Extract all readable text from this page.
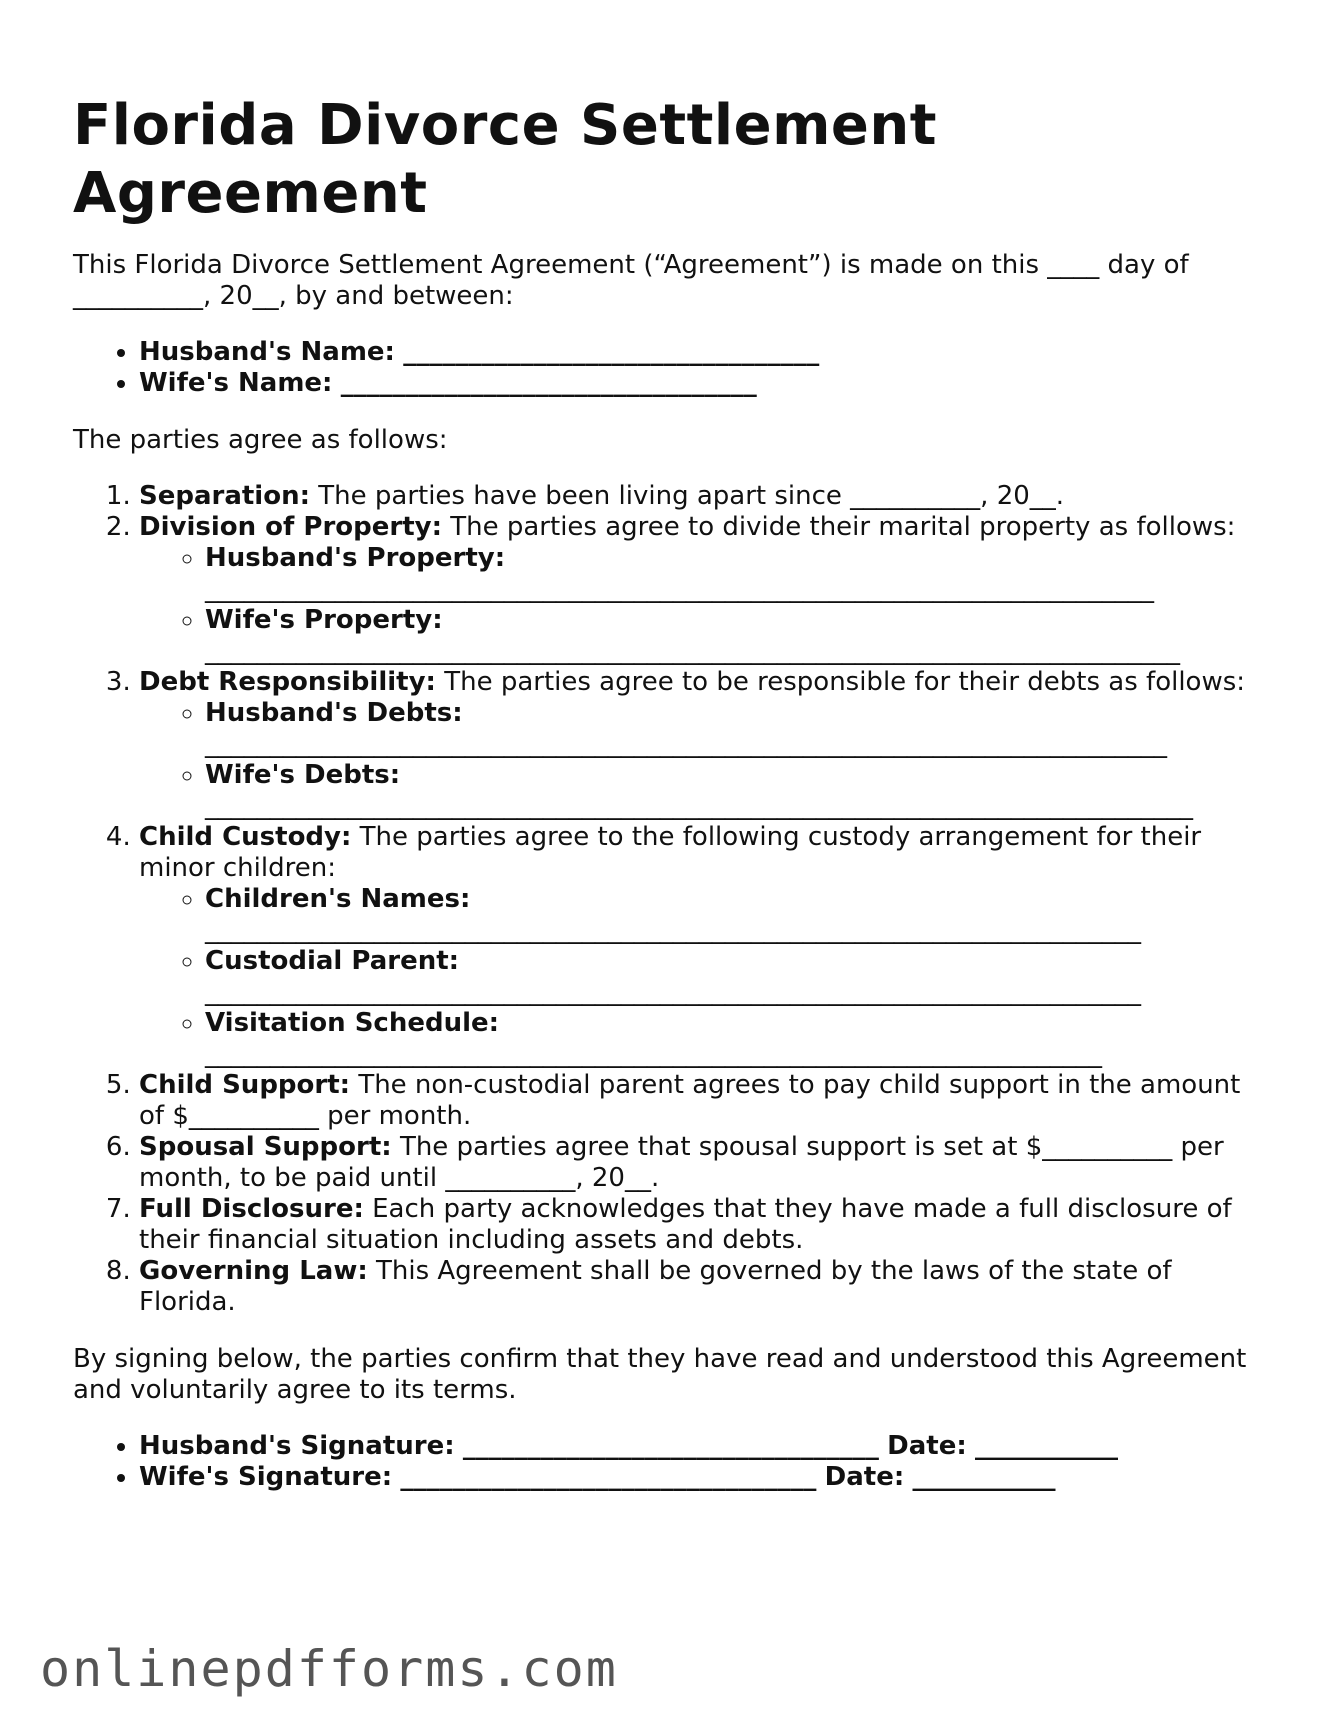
Florida Divorce Settlement Agreement

This Florida Divorce Settlement Agreement (“Agreement”) is made on this ____ day of __________, 20__, by and between:

• Husband's Name: ________________________________
• Wife's Name: ________________________________

The parties agree as follows:

1. Separation: The parties have been living apart since __________, 20__.
2. Division of Property: The parties agree to divide their marital property as follows:
◦ Husband's Property:
_________________________________________________________________________
◦ Wife's Property:
___________________________________________________________________________
3. Debt Responsibility: The parties agree to be responsible for their debts as follows:
◦ Husband's Debts:
__________________________________________________________________________
◦ Wife's Debts:
____________________________________________________________________________
4. Child Custody: The parties agree to the following custody arrangement for their minor children:
◦ Children's Names:
________________________________________________________________________
◦ Custodial Parent:
________________________________________________________________________
◦ Visitation Schedule:
_____________________________________________________________________
5. Child Support: The non-custodial parent agrees to pay child support in the amount of $__________ per month.
6. Spousal Support: The parties agree that spousal support is set at $__________ per month, to be paid until __________, 20__.
7. Full Disclosure: Each party acknowledges that they have made a full disclosure of their financial situation including assets and debts.
8. Governing Law: This Agreement shall be governed by the laws of the state of Florida.

By signing below, the parties confirm that they have read and understood this Agreement and voluntarily agree to its terms.

• Husband's Signature: ________________________________ Date: ___________
• Wife's Signature: ________________________________ Date: ___________
onlinepdfforms.com
